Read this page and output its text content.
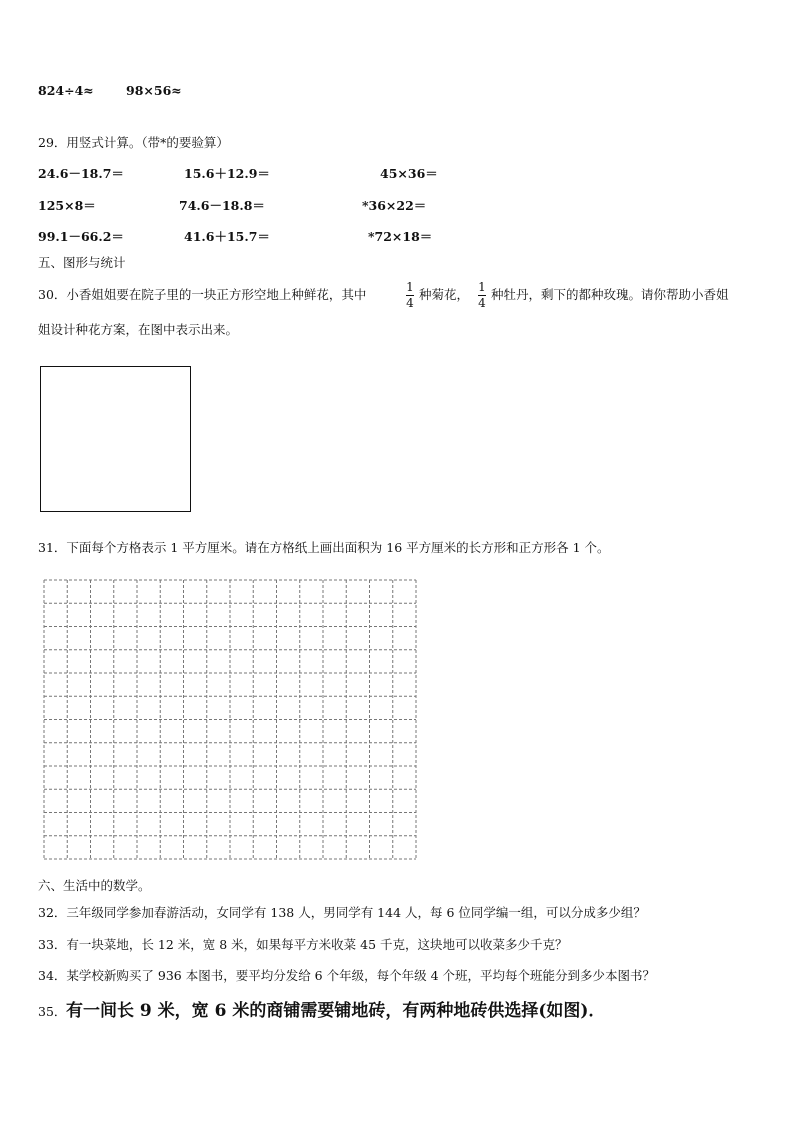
824÷4≈	98×56≈
29．用竖式计算。（带*的要验算）
24.6－18.7＝	15.6＋12.9＝	45×36＝
125×8＝	74.6－18.8＝	*36×22＝
99.1－66.2＝	41.6＋15.7＝	*72×18＝
五、图形与统计
30．小香姐姐要在院子里的一块正方形空地上种鲜花，其中	1
4
种菊花， 1
4
种牡丹，剩下的都种玫瑰。请你帮助小香姐
姐设计种花方案，在图中表示出来。
31．下面每个方格表示 1 平方厘米。请在方格纸上画出面积为 16 平方厘米的长方形和正方形各 1 个。
六、生活中的数学。
32．三年级同学参加春游活动，女同学有 138 人，男同学有 144 人，每 6 位同学编一组，可以分成多少组？
33．有一块菜地，长 12 米，宽 8 米，如果每平方米收菜 45 千克，这块地可以收菜多少千克？
34．某学校新购买了 936 本图书，要平均分发给 6 个年级，每个年级 4 个班，平均每个班能分到多少本图书？
35． 有一间长 9 米，宽 6 米的商铺需要铺地砖，有两种地砖供选择(如图)．
